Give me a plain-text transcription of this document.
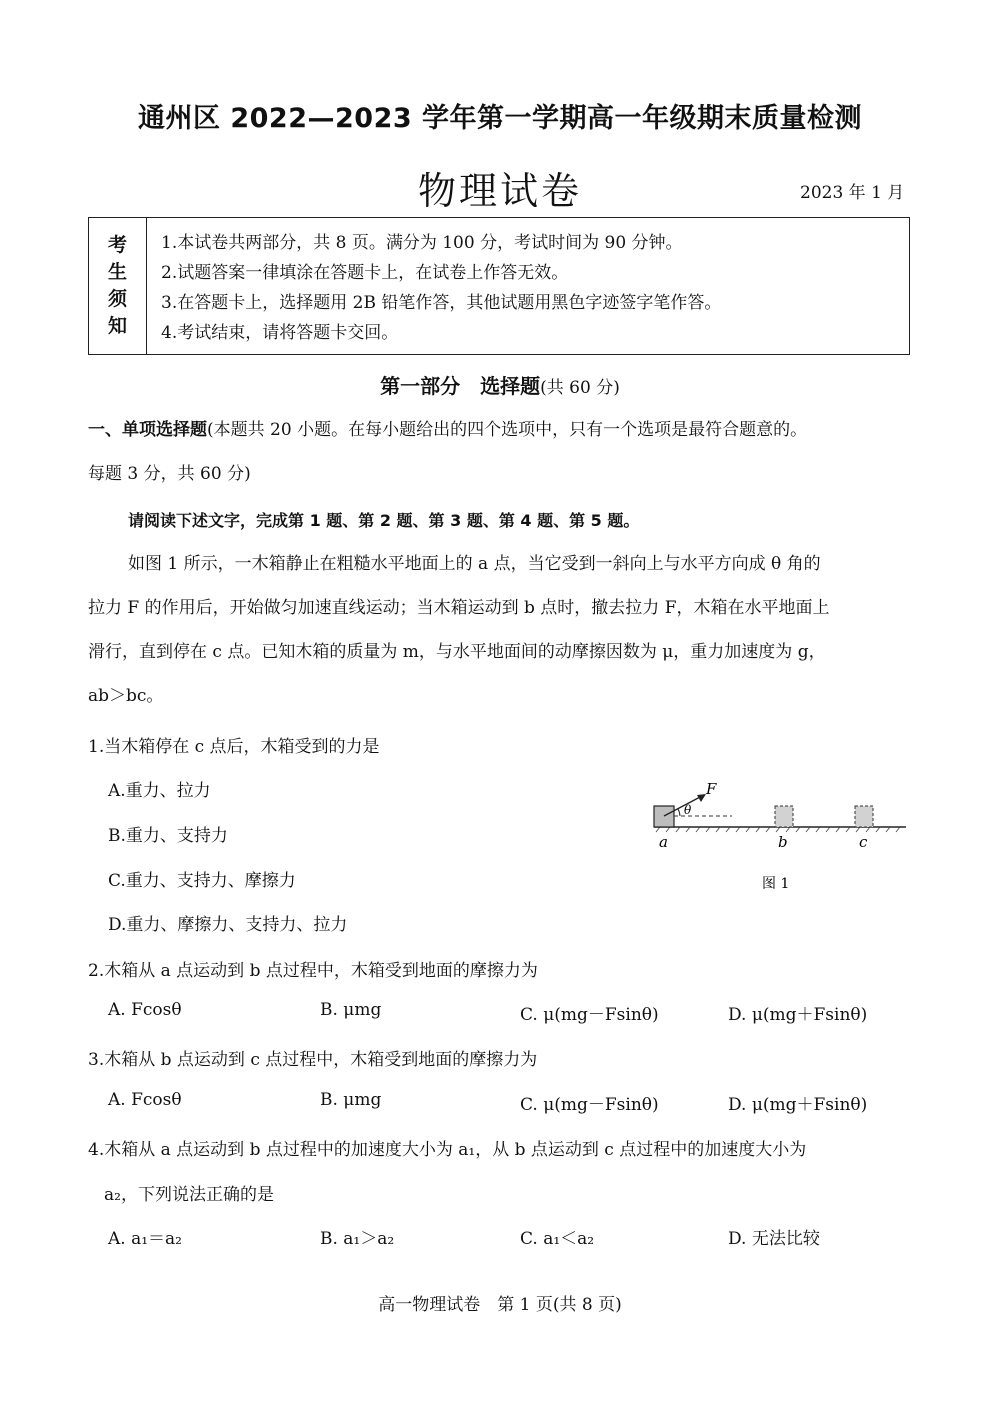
通州区 2022—2023 学年第一学期高一年级期末质量检测
物理试卷	2023 年 1 月
考
生
须
知
1.本试卷共两部分，共 8 页。满分为 100 分，考试时间为 90 分钟。
2.试题答案一律填涂在答题卡上，在试卷上作答无效。
3.在答题卡上，选择题用 2B 铅笔作答，其他试题用黑色字迹签字笔作答。
4.考试结束，请将答题卡交回。
第一部分　选择题(共 60 分)
一、单项选择题(本题共 20 小题。在每小题给出的四个选项中，只有一个选项是最符合题意的。
每题 3 分，共 60 分)
请阅读下述文字，完成第 1 题、第 2 题、第 3 题、第 4 题、第 5 题。
如图 1 所示，一木箱静止在粗糙水平地面上的 a 点，当它受到一斜向上与水平方向成 θ 角的
拉力 F 的作用后，开始做匀加速直线运动；当木箱运动到 b 点时，撤去拉力 F，木箱在水平地面上
滑行，直到停在 c 点。已知木箱的质量为 m，与水平地面间的动摩擦因数为 μ，重力加速度为 g，
ab＞bc。
1.当木箱停在 c 点后，木箱受到的力是
A.重力、拉力
B.重力、支持力
C.重力、支持力、摩擦力
D.重力、摩擦力、支持力、拉力
F
θ
a	b	c
图 1
2.木箱从 a 点运动到 b 点过程中，木箱受到地面的摩擦力为
A. Fcosθ	B. μmg	C. μ(mg－Fsinθ)	D. μ(mg＋Fsinθ)
3.木箱从 b 点运动到 c 点过程中，木箱受到地面的摩擦力为
A. Fcosθ	B. μmg	C. μ(mg－Fsinθ)	D. μ(mg＋Fsinθ)
4.木箱从 a 点运动到 b 点过程中的加速度大小为 a₁，从 b 点运动到 c 点过程中的加速度大小为
a₂，下列说法正确的是
A. a₁＝a₂	B. a₁＞a₂	C. a₁＜a₂	D. 无法比较
高一物理试卷　第 1 页(共 8 页)
